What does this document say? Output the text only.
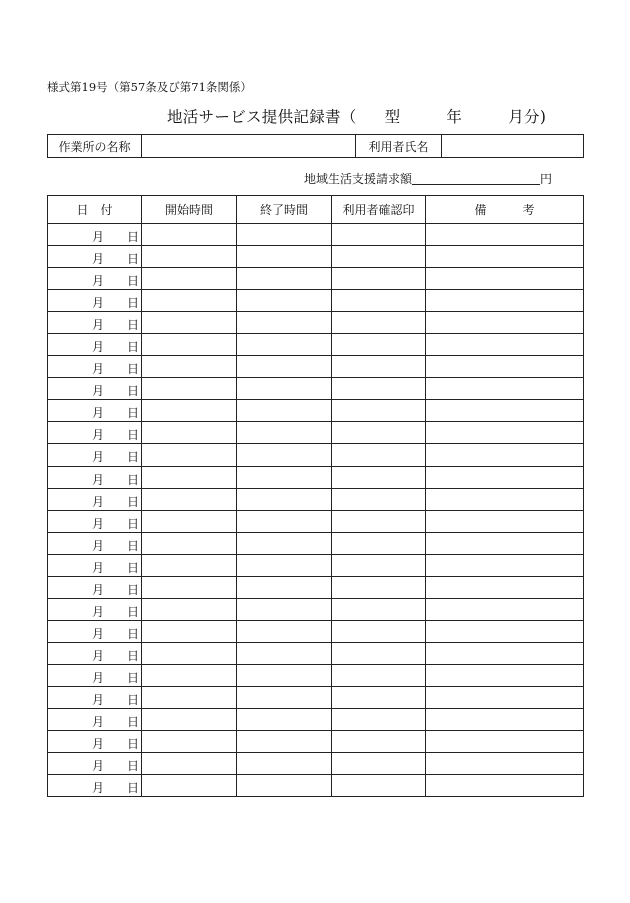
様式第19号（第57条及び第71条関係）
地活サービス提供記録書（ 型	年	月分)
作業所の名称		利用者氏名	
地域生活支援請求額	円
日　付	開始時間	終了時間	利用者確認印	備　　　考

月 日				

月 日				

月 日				

月 日				

月 日				

月 日				

月 日				

月 日				

月 日				

月 日				

月 日				

月 日				

月 日				

月 日				

月 日				

月 日				

月 日				

月 日				

月 日				

月 日				

月 日				

月 日				

月 日				

月 日				

月 日				

月 日				
